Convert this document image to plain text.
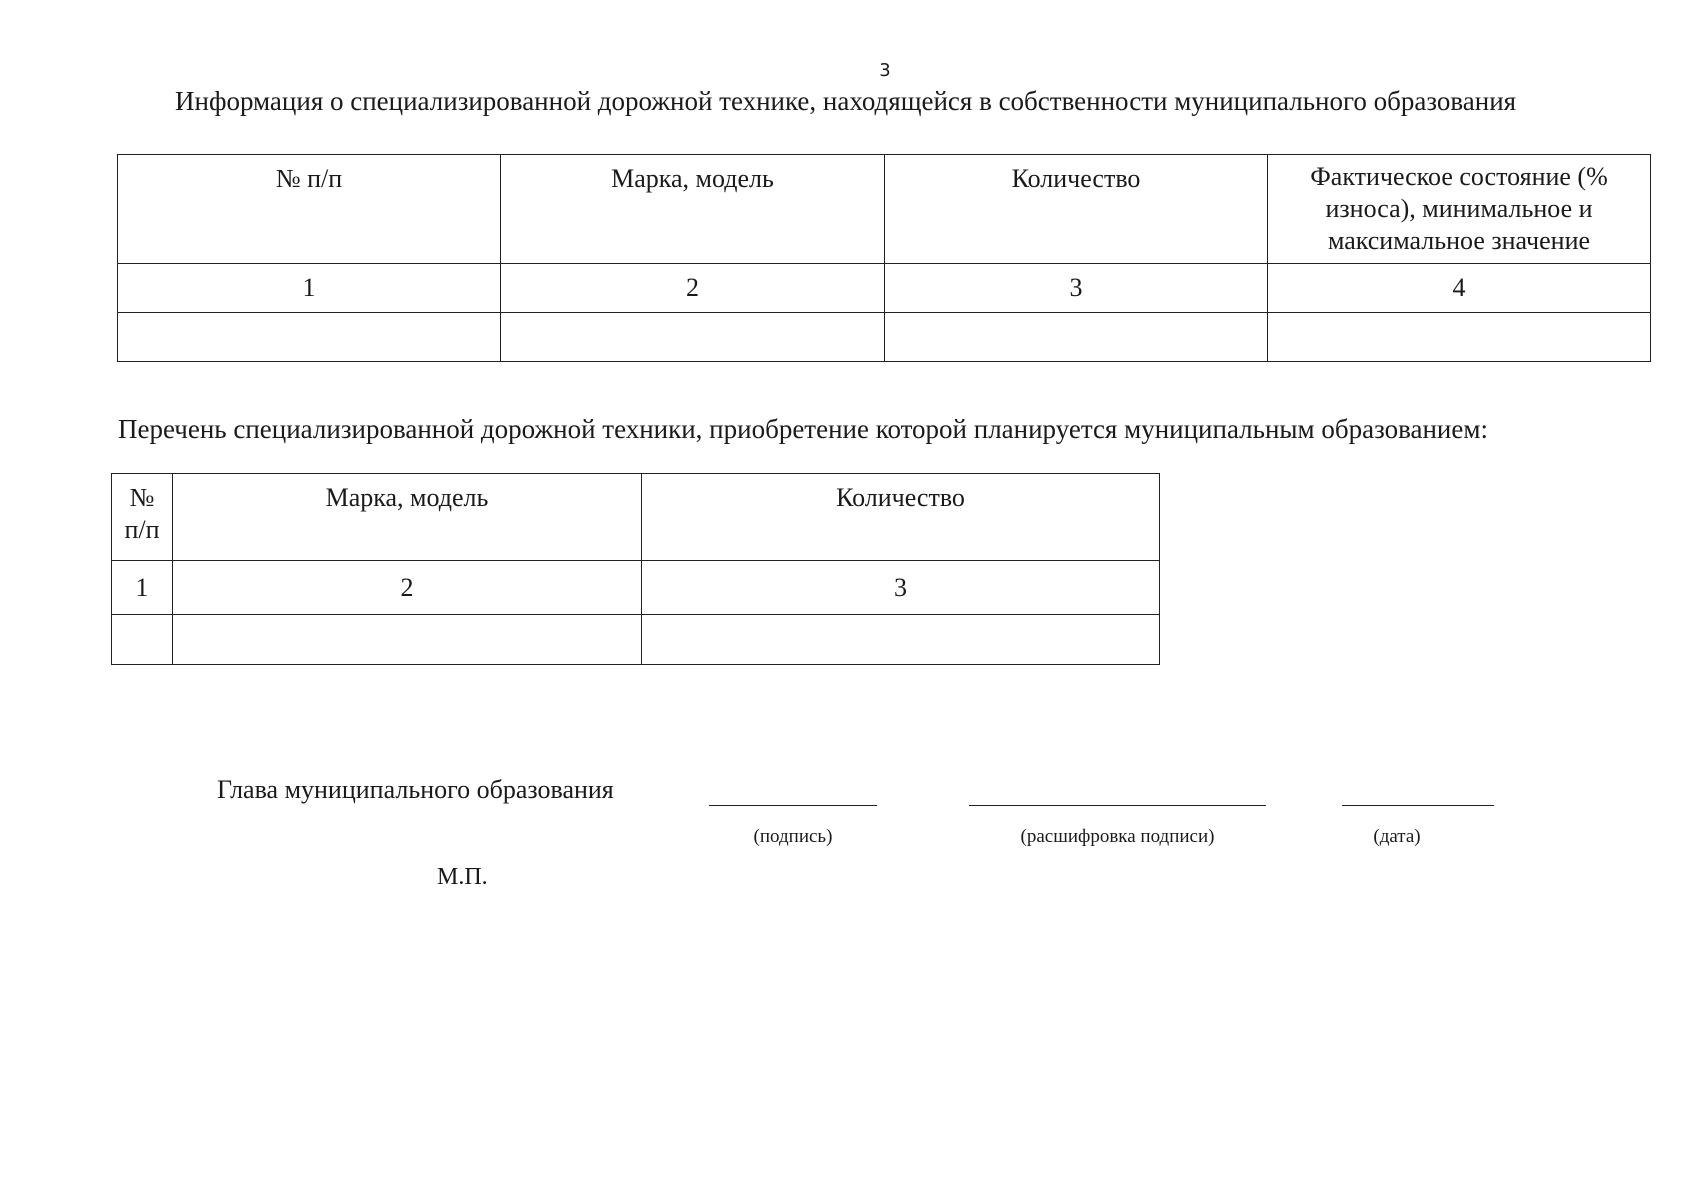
3
Информация о специализированной дорожной технике, находящейся в собственности муниципального образования
№ п/п	Марка, модель	Количество	Фактическое состояние (% износа), минимальное и максимальное значение
1	2	3	4

Перечень специализированной дорожной техники, приобретение которой планируется муниципальным образованием:
№ п/п	Марка, модель	Количество
1	2	3

Глава муниципального образования
(подпись)	(расшифровка подписи)	(дата)
М.П.
